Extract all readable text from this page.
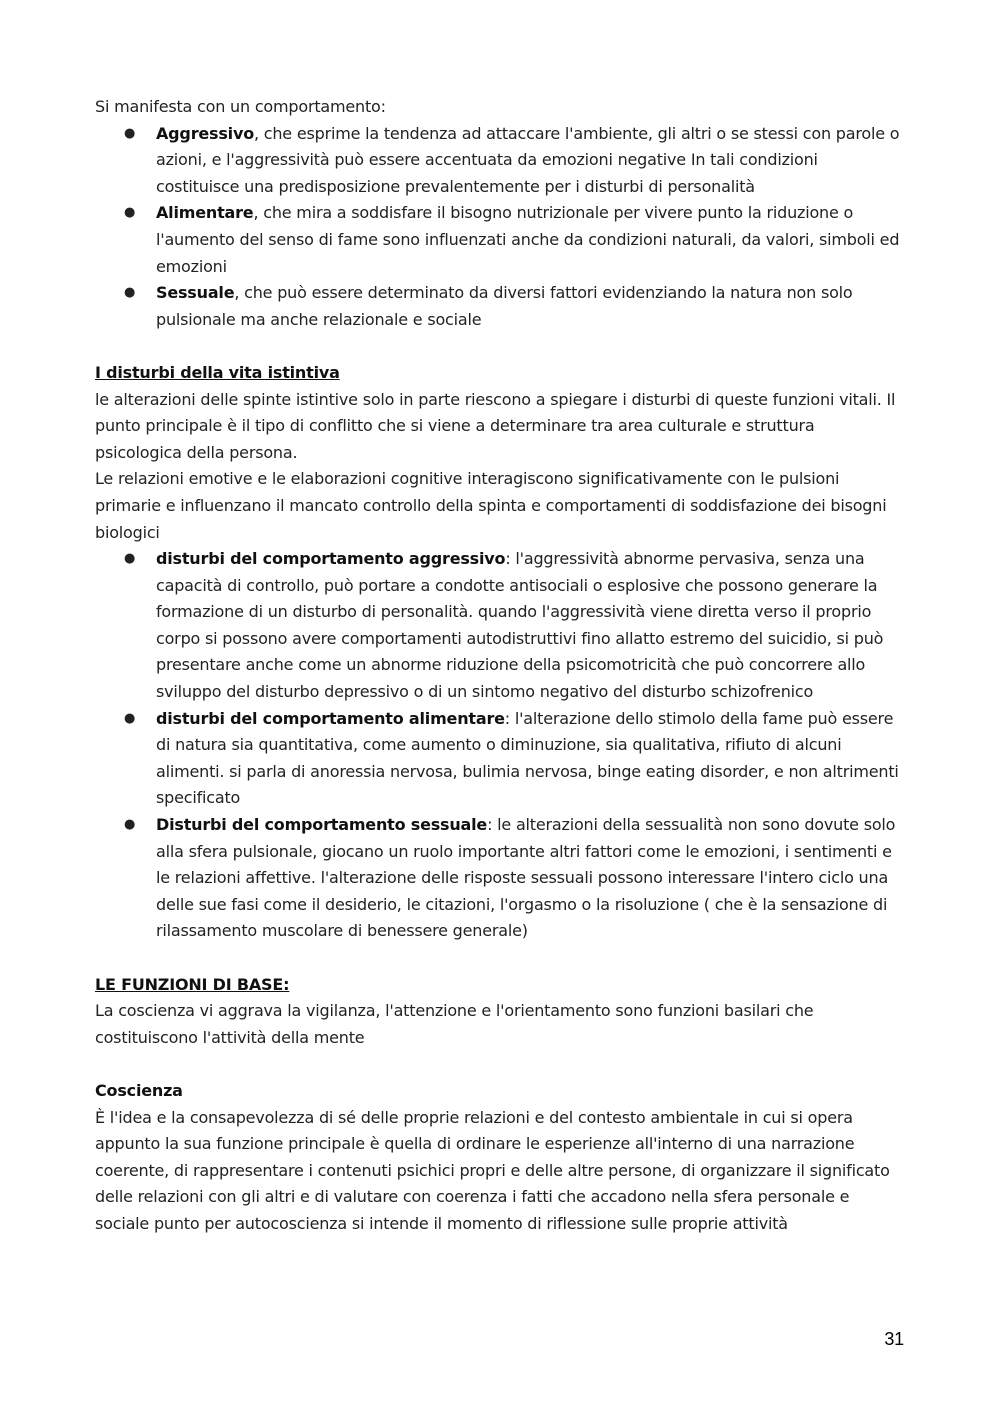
Si manifesta con un comportamento:

● Aggressivo, che esprime la tendenza ad attaccare l'ambiente, gli altri o se stessi con parole o azioni, e l'aggressività può essere accentuata da emozioni negative In tali condizioni costituisce una predisposizione prevalentemente per i disturbi di personalità
● Alimentare, che mira a soddisfare il bisogno nutrizionale per vivere punto la riduzione o l'aumento del senso di fame sono influenzati anche da condizioni naturali, da valori, simboli ed emozioni
● Sessuale, che può essere determinato da diversi fattori evidenziando la natura non solo pulsionale ma anche relazionale e sociale

I disturbi della vita istintiva

le alterazioni delle spinte istintive solo in parte riescono a spiegare i disturbi di queste funzioni vitali. Il punto principale è il tipo di conflitto che si viene a determinare tra area culturale e struttura psicologica della persona.

Le relazioni emotive e le elaborazioni cognitive interagiscono significativamente con le pulsioni primarie e influenzano il mancato controllo della spinta e comportamenti di soddisfazione dei bisogni biologici

● disturbi del comportamento aggressivo: l'aggressività abnorme pervasiva, senza una capacità di controllo, può portare a condotte antisociali o esplosive che possono generare la formazione di un disturbo di personalità. quando l'aggressività viene diretta verso il proprio corpo si possono avere comportamenti autodistruttivi fino allatto estremo del suicidio, si può presentare anche come un abnorme riduzione della psicomotricità che può concorrere allo sviluppo del disturbo depressivo o di un sintomo negativo del disturbo schizofrenico
● disturbi del comportamento alimentare: l'alterazione dello stimolo della fame può essere di natura sia quantitativa, come aumento o diminuzione, sia qualitativa, rifiuto di alcuni alimenti. si parla di anoressia nervosa, bulimia nervosa, binge eating disorder, e non altrimenti specificato
● Disturbi del comportamento sessuale: le alterazioni della sessualità non sono dovute solo alla sfera pulsionale, giocano un ruolo importante altri fattori come le emozioni, i sentimenti e le relazioni affettive. l'alterazione delle risposte sessuali possono interessare l'intero ciclo una delle sue fasi come il desiderio, le citazioni, l'orgasmo o la risoluzione ( che è la sensazione di rilassamento muscolare di benessere generale)

LE FUNZIONI DI BASE:

La coscienza vi aggrava la vigilanza, l'attenzione e l'orientamento sono funzioni basilari che costituiscono l'attività della mente

Coscienza

È l'idea e la consapevolezza di sé delle proprie relazioni e del contesto ambientale in cui si opera appunto la sua funzione principale è quella di ordinare le esperienze all'interno di una narrazione coerente, di rappresentare i contenuti psichici propri e delle altre persone, di organizzare il significato delle relazioni con gli altri e di valutare con coerenza i fatti che accadono nella sfera personale e sociale punto per autocoscienza si intende il momento di riflessione sulle proprie attività

31
